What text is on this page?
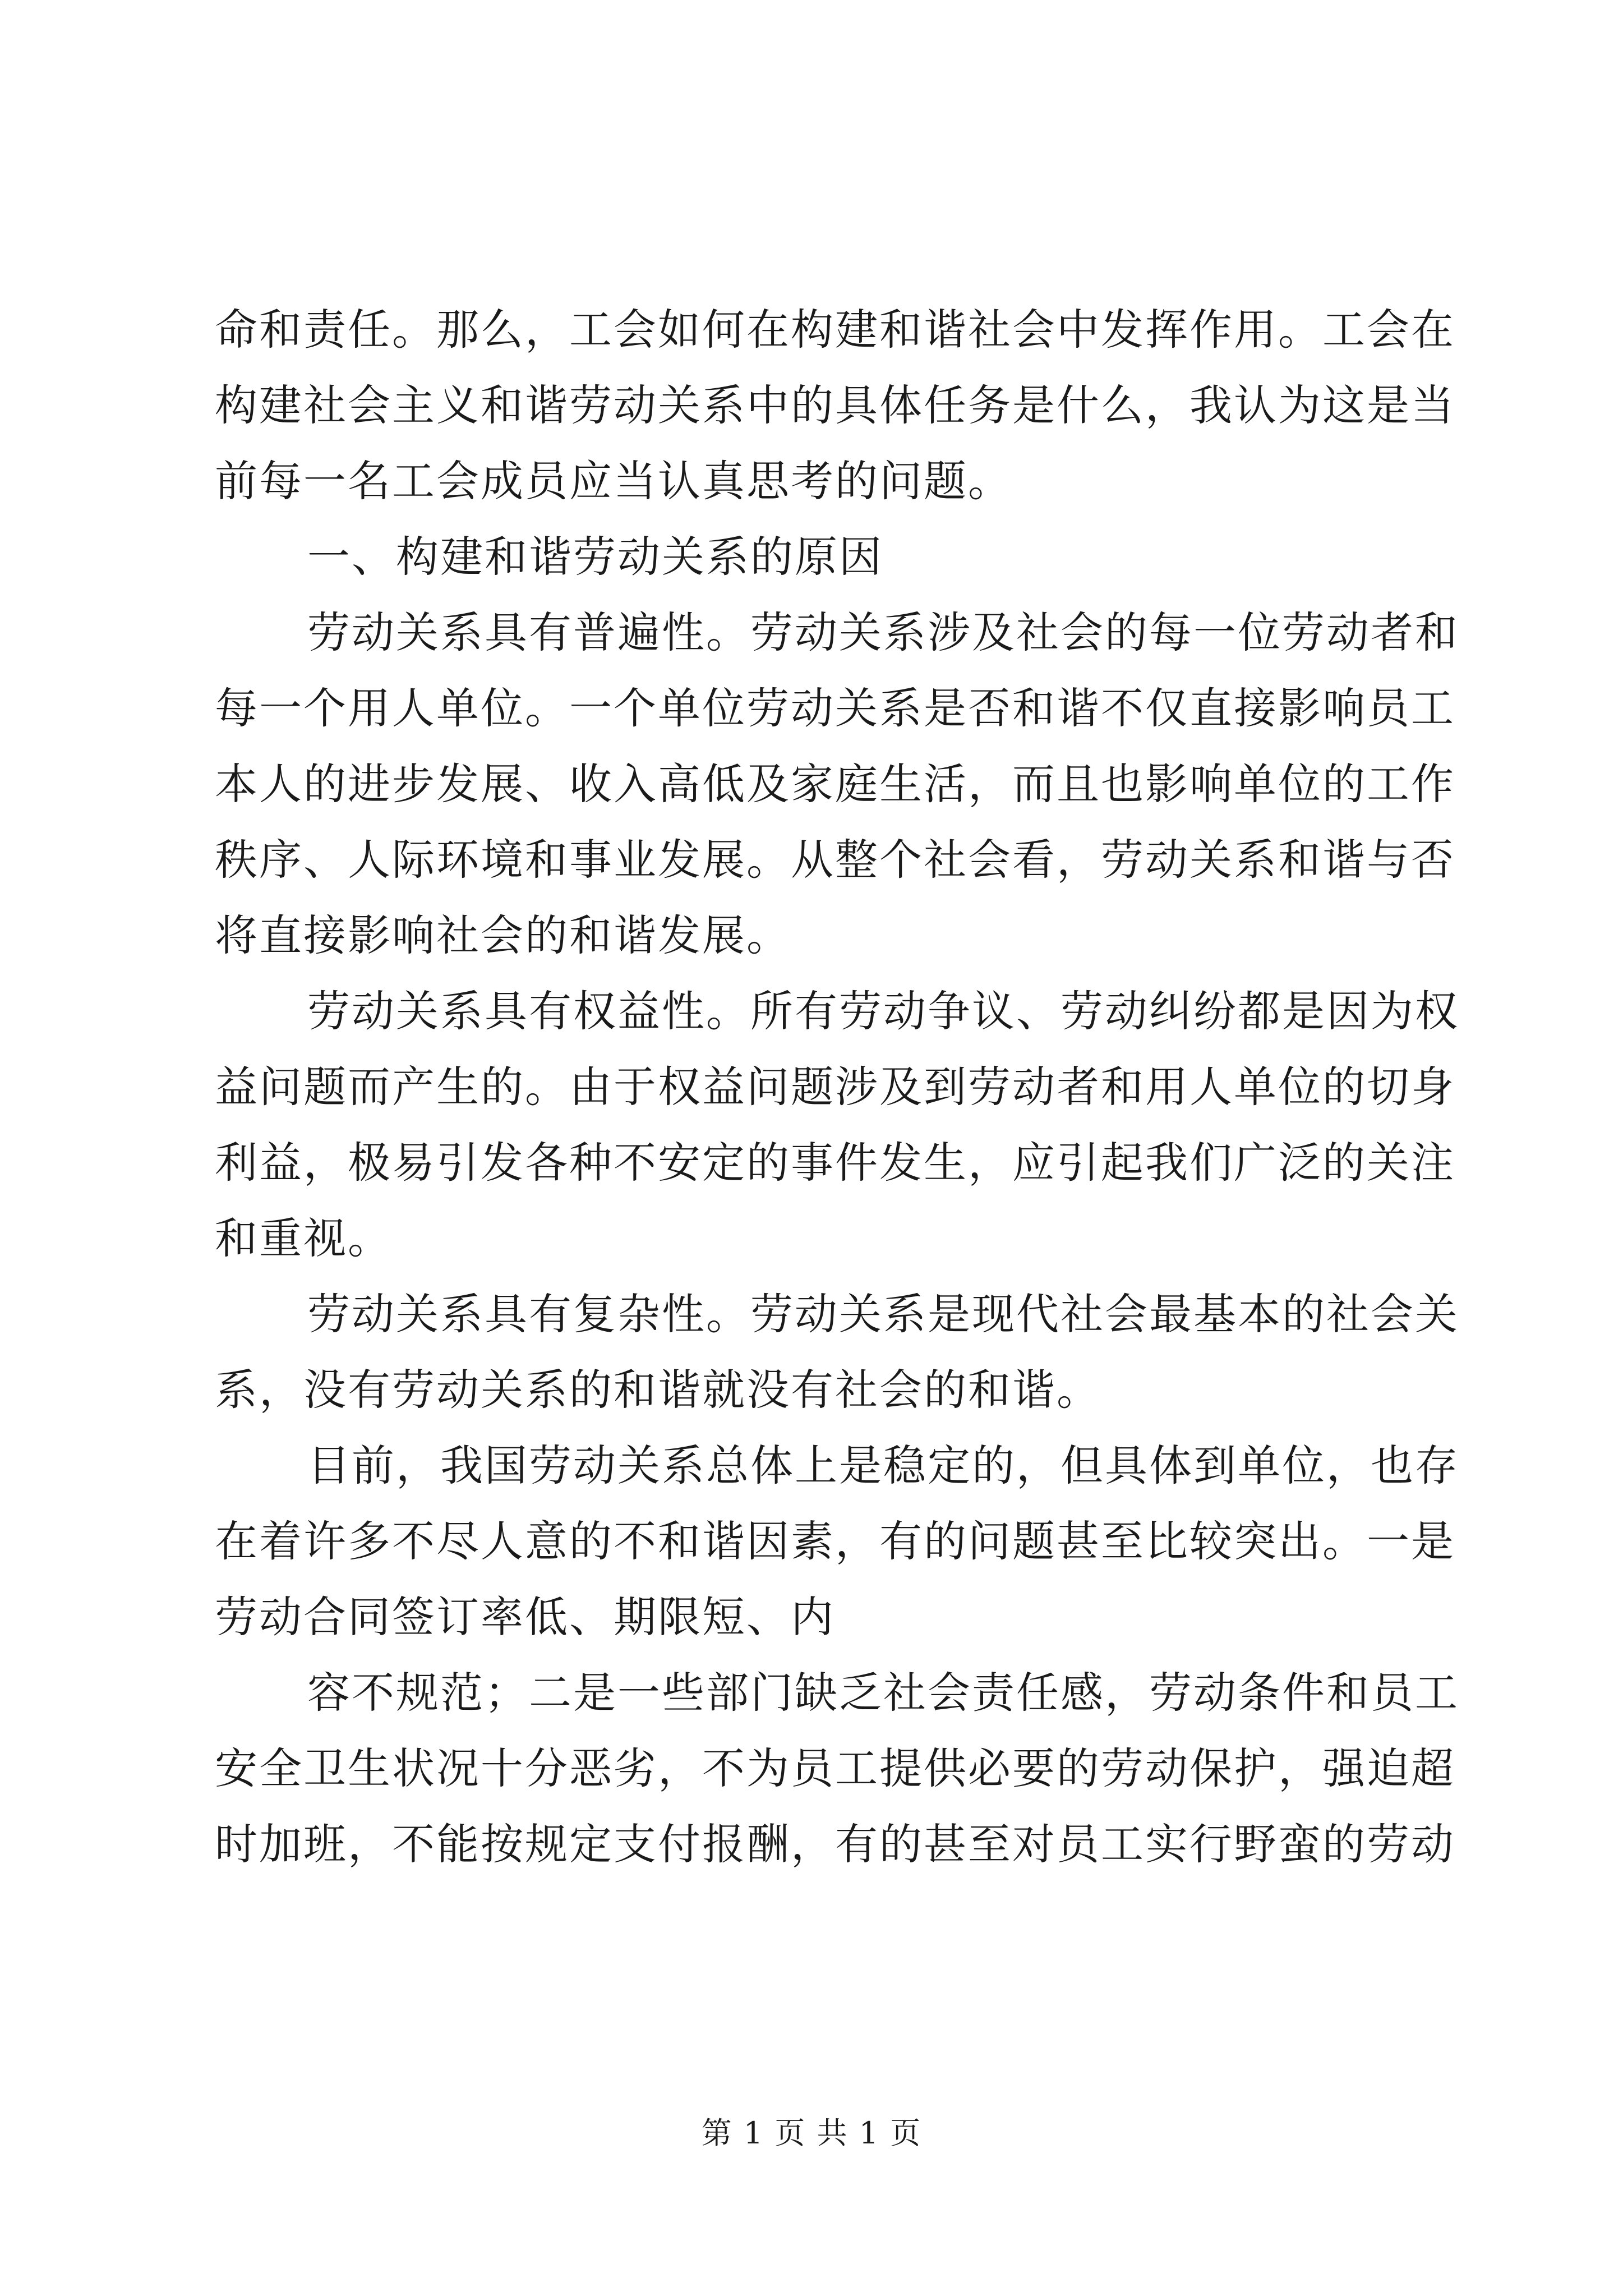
命和责任。那么，工会如何在构建和谐社会中发挥作用。工会在
构建社会主义和谐劳动关系中的具体任务是什么，我认为这是当
前每一名工会成员应当认真思考的问题。
一、构建和谐劳动关系的原因
劳动关系具有普遍性。劳动关系涉及社会的每一位劳动者和
每一个用人单位。一个单位劳动关系是否和谐不仅直接影响员工
本人的进步发展、收入高低及家庭生活，而且也影响单位的工作
秩序、人际环境和事业发展。从整个社会看，劳动关系和谐与否
将直接影响社会的和谐发展。
劳动关系具有权益性。所有劳动争议、劳动纠纷都是因为权
益问题而产生的。由于权益问题涉及到劳动者和用人单位的切身
利益，极易引发各种不安定的事件发生，应引起我们广泛的关注
和重视。
劳动关系具有复杂性。劳动关系是现代社会最基本的社会关
系，没有劳动关系的和谐就没有社会的和谐。
目前，我国劳动关系总体上是稳定的，但具体到单位，也存
在着许多不尽人意的不和谐因素，有的问题甚至比较突出。一是
劳动合同签订率低、期限短、内
容不规范；二是一些部门缺乏社会责任感，劳动条件和员工
安全卫生状况十分恶劣，不为员工提供必要的劳动保护，强迫超
时加班，不能按规定支付报酬，有的甚至对员工实行野蛮的劳动
第 1 页 共 1 页
